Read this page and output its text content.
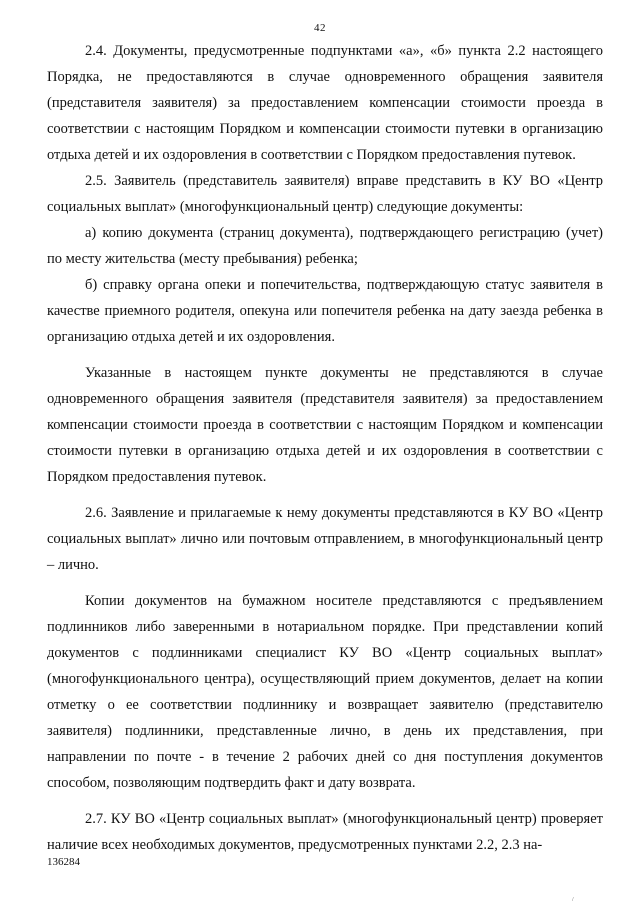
42

2.4. Документы, предусмотренные подпунктами «а», «б» пункта 2.2 настоящего Порядка, не предоставляются в случае одновременного обращения заявителя (представителя заявителя) за предоставлением компенсации стоимости проезда в соответствии с настоящим Порядком и компенсации стоимости путевки в организацию отдыха детей и их оздоровления в соответствии с Порядком предоставления путевок.

2.5. Заявитель (представитель заявителя) вправе представить в КУ ВО «Центр социальных выплат» (многофункциональный центр) следующие документы:

а) копию документа (страниц документа), подтверждающего регистрацию (учет) по месту жительства (месту пребывания) ребенка;

б) справку органа опеки и попечительства, подтверждающую статус заявителя в качестве приемного родителя, опекуна или попечителя ребенка на дату заезда ребенка в организацию отдыха детей и их оздоровления.

Указанные в настоящем пункте документы не представляются в случае одновременного обращения заявителя (представителя заявителя) за предоставлением компенсации стоимости проезда в соответствии с настоящим Порядком и компенсации стоимости путевки в организацию отдыха детей и их оздоровления в соответствии с Порядком предоставления путевок.

2.6. Заявление и прилагаемые к нему документы представляются в КУ ВО «Центр социальных выплат» лично или почтовым отправлением, в многофункциональный центр – лично.

Копии документов на бумажном носителе представляются с предъявлением подлинников либо заверенными в нотариальном порядке. При представлении копий документов с подлинниками специалист КУ ВО «Центр социальных выплат» (многофункционального центра), осуществляющий прием документов, делает на копии отметку о ее соответствии подлиннику и возвращает заявителю (представителю заявителя) подлинники, представленные лично, в день их представления, при направлении по почте - в течение 2 рабочих дней со дня поступления документов способом, позволяющим подтвердить факт и дату возврата.

2.7. КУ ВО «Центр социальных выплат» (многофункциональный центр) проверяет наличие всех необходимых документов, предусмотренных пунктами 2.2, 2.3 на-

136284
/
